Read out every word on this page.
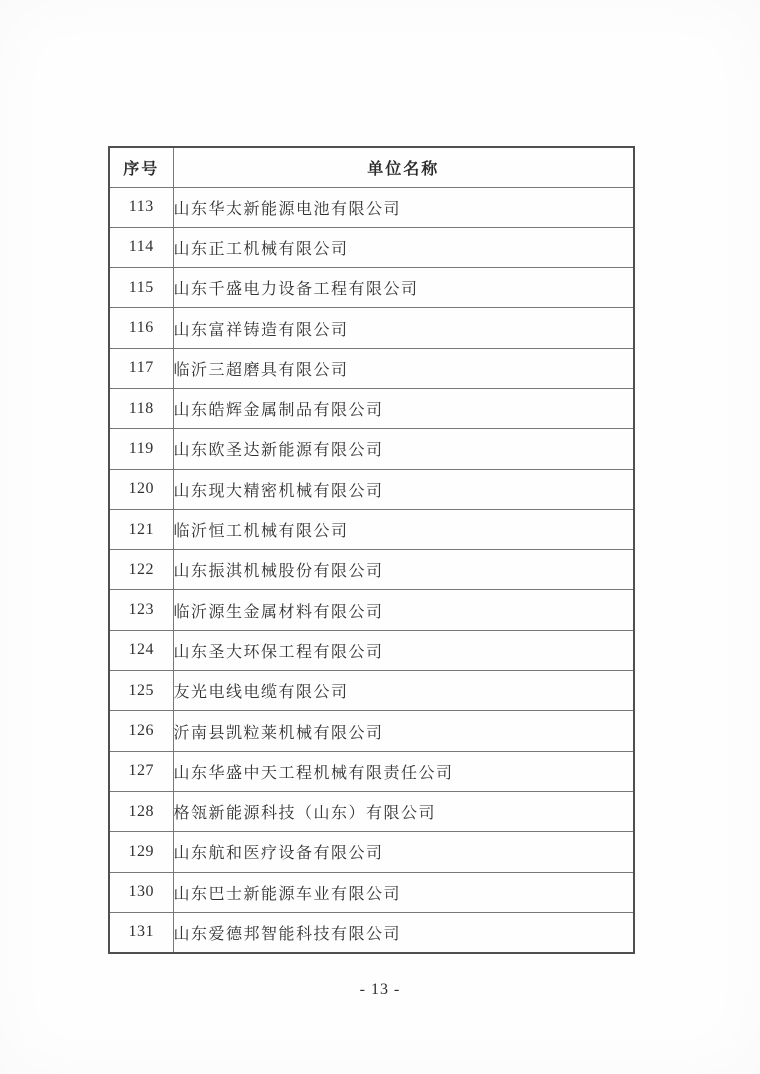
序号	单位名称
113	山东华太新能源电池有限公司
114	山东正工机械有限公司
115	山东千盛电力设备工程有限公司
116	山东富祥铸造有限公司
117	临沂三超磨具有限公司
118	山东皓辉金属制品有限公司
119	山东欧圣达新能源有限公司
120	山东现大精密机械有限公司
121	临沂恒工机械有限公司
122	山东振淇机械股份有限公司
123	临沂源生金属材料有限公司
124	山东圣大环保工程有限公司
125	友光电线电缆有限公司
126	沂南县凯粒莱机械有限公司
127	山东华盛中天工程机械有限责任公司
128	格瓴新能源科技（山东）有限公司
129	山东航和医疗设备有限公司
130	山东巴士新能源车业有限公司
131	山东爱德邦智能科技有限公司
- 13 -
